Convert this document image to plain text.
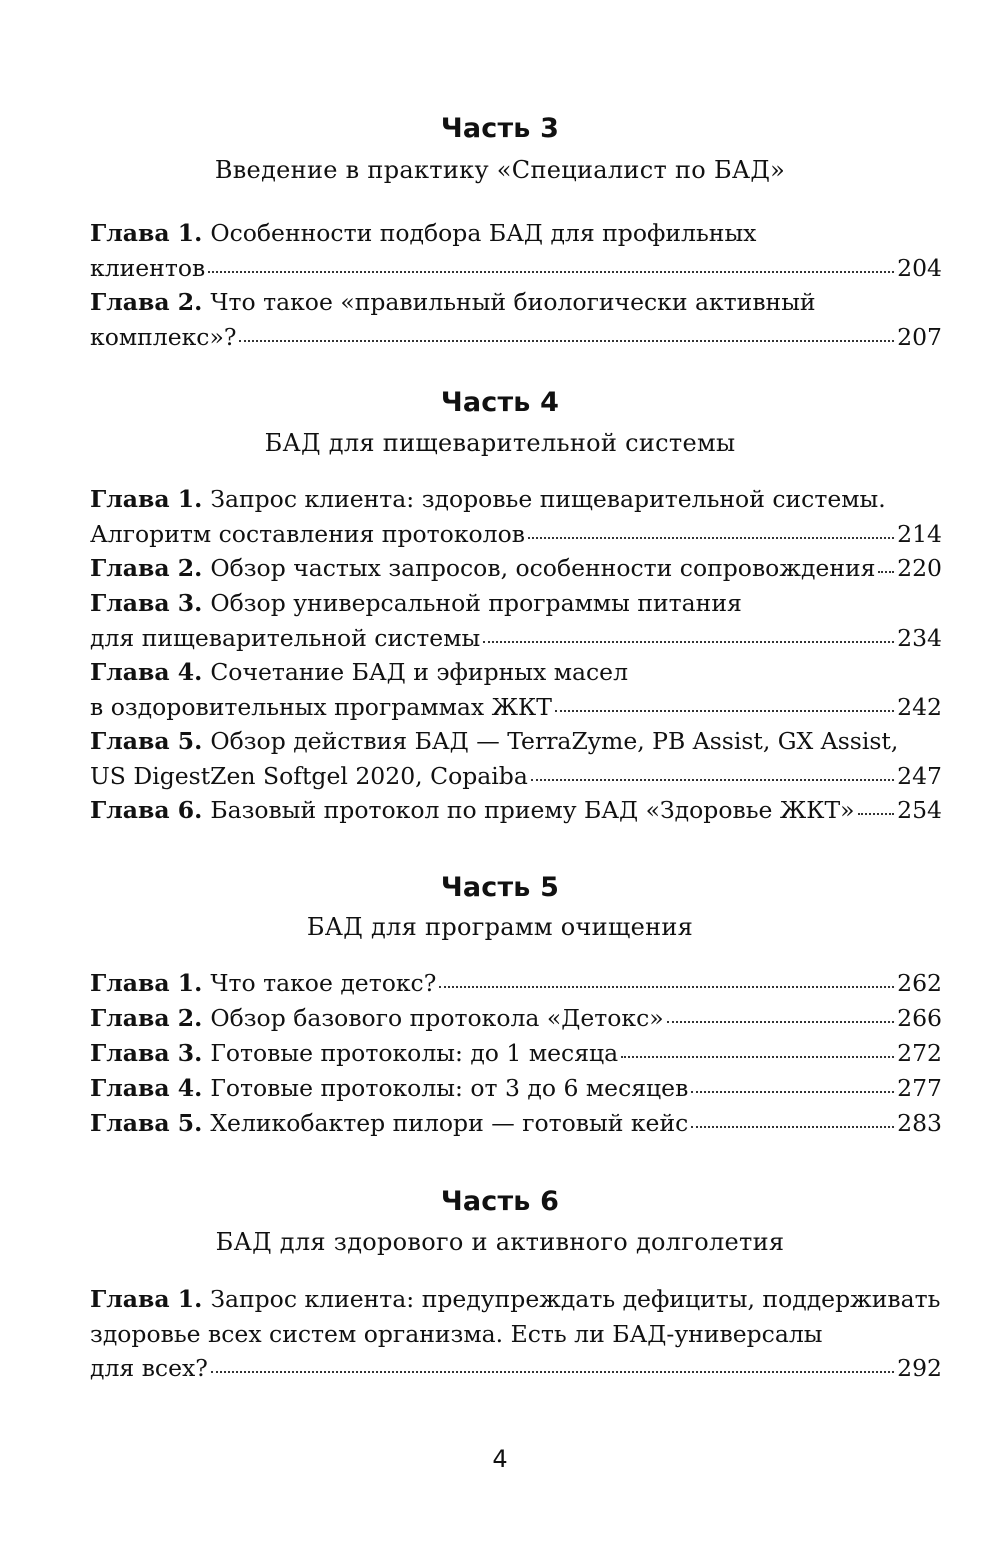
Часть 3
Введение в практику «Специалист по БАД»
Глава 1. Особенности подбора БАД для профильных
клиентов	204
Глава 2. Что такое «правильный биологически активный
комплекс»?	207
Часть 4
БАД для пищеварительной системы
Глава 1. Запрос клиента: здоровье пищеварительной системы.
Алгоритм составления протоколов	214
Глава 2. Обзор частых запросов, особенности сопровождения 220
Глава 3. Обзор универсальной программы питания
для пищеварительной системы	234
Глава 4. Сочетание БАД и эфирных масел
в оздоровительных программах ЖКТ	242
Глава 5. Обзор действия БАД — TerraZyme, PB Assist, GX Assist,
US DigestZen Softgel 2020, Copaiba	247
Глава 6. Базовый протокол по приему БАД «Здоровье ЖКТ» 254
Часть 5
БАД для программ очищения
Глава 1. Что такое детокс?	262
Глава 2. Обзор базового протокола «Детокс»	266
Глава 3. Готовые протоколы: до 1 месяца	272
Глава 4. Готовые протоколы: от 3 до 6 месяцев	277
Глава 5. Хеликобактер пилори — готовый кейс	283
Часть 6
БАД для здорового и активного долголетия
Глава 1. Запрос клиента: предупреждать дефициты, поддерживать
здоровье всех систем организма. Есть ли БАД-универсалы
для всех?	292
4
